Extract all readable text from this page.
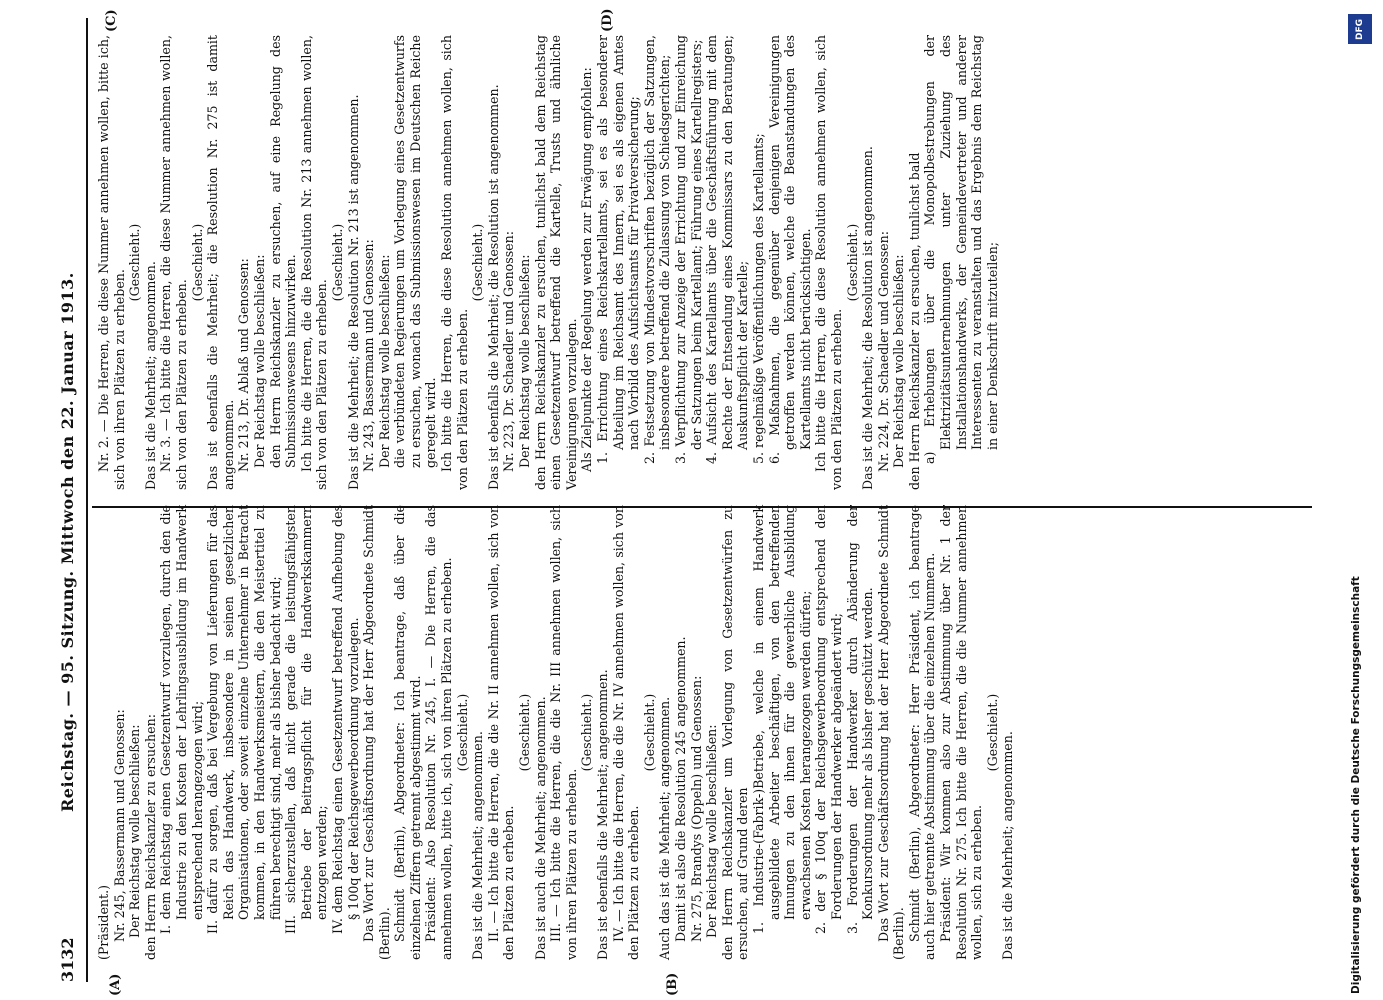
3132
Reichstag. — 95. Sitzung. Mittwoch den 22. Januar 1913.
(A)	(B)
(C)	(D)

(Präsident.) Nr. 245, Bassermann und Genossen: Der Reichstag wolle beschließen: den Herrn Reichskanzler zu ersuchen: I. dem Reichstag einen Gesetzentwurf vorzulegen, durch den die Industrie zu den Kosten der Lehrlingsausbildung im Handwerk entsprechend herangezogen wird; II. dafür zu sorgen, daß bei Vergebung von Lieferungen für das Reich das Handwerk, insbesondere in seinen gesetzlichen Organisationen, oder soweit einzelne Unternehmer in Betracht kommen, in den Handwerksmeistern, die den Meistertitel zu führen berechtigt sind, mehr als bisher bedacht wird; III. sicherzustellen, daß nicht gerade die leistungsfähigsten Betriebe der Beitragspflicht für die Handwerkskammern entzogen werden; IV. dem Reichstag einen Gesetzentwurf betreffend Aufhebung des § 100q der Reichsgewerbeordnung vorzulegen. Das Wort zur Geschäftsordnung hat der Herr Abgeordnete Schmidt (Berlin). Schmidt (Berlin), Abgeordneter: Ich beantrage, daß über die einzelnen Ziffern getrennt abgestimmt wird. Präsident: Also Resolution Nr. 245, I. — Die Herren, die das annehmen wollen, bitte ich, sich von ihren Plätzen zu erheben. (Geschieht.) Das ist die Mehrheit; angenommen. II. — Ich bitte die Herren, die die Nr. II annehmen wollen, sich von den Plätzen zu erheben.

(Geschieht.) Das ist auch die Mehrheit; angenommen. III. — Ich bitte die Herren, die die Nr. III annehmen wollen, sich von ihren Plätzen zu erheben.

(Geschieht.) Das ist ebenfalls die Mehrheit; angenommen. IV. — Ich bitte die Herren, die die Nr. IV annehmen wollen, sich von den Plätzen zu erheben.

(Geschieht.) Auch das ist die Mehrheit; angenommen. Damit ist also die Resolution 245 angenommen. Nr. 275, Brandys (Oppeln) und Genossen: Der Reichstag wolle beschließen: den Herrn Reichskanzler um Vorlegung von Gesetzentwürfen zu ersuchen, auf Grund deren 1. Industrie-(Fabrik-)Betriebe, welche in einem Handwerk ausgebildete Arbeiter beschäftigen, von den betreffenden Innungen zu den ihnen für die gewerbliche Ausbildung erwachsenen Kosten herangezogen werden dürfen; 2. der § 100q der Reichsgewerbeordnung entsprechend den Forderungen der Handwerker abgeändert wird; 3. Forderungen der Handwerker durch Abänderung der Konkursordnung mehr als bisher geschützt werden. Das Wort zur Geschäftsordnung hat der Herr Abgeordnete Schmidt (Berlin). Schmidt (Berlin), Abgeordneter: Herr Präsident, ich beantrage auch hier getrennte Abstimmung über die einzelnen Nummern. Präsident: Wir kommen also zur Abstimmung über Nr. 1 der Resolution Nr. 275. Ich bitte die Herren, die die Nummer annehmen wollen, sich zu erheben.

(Geschieht.) Das ist die Mehrheit; angenommen.

Nr. 2. — Die Herren, die diese Nummer annehmen wollen, bitte ich, sich von ihren Plätzen zu erheben.

(Geschieht.) Das ist die Mehrheit; angenommen. Nr. 3. — Ich bitte die Herren, die diese Nummer annehmen wollen, sich von den Plätzen zu erheben.

(Geschieht.) Das ist ebenfalls die Mehrheit; die Resolution Nr. 275 ist damit angenommen. Nr. 213, Dr. Ablaß und Genossen: Der Reichstag wolle beschließen: den Herrn Reichskanzler zu ersuchen, auf eine Regelung des Submissionswesens hinzuwirken. Ich bitte die Herren, die die Resolution Nr. 213 annehmen wollen, sich von den Plätzen zu erheben.

(Geschieht.) Das ist die Mehrheit; die Resolution Nr. 213 ist angenommen. Nr. 243, Bassermann und Genossen: Der Reichstag wolle beschließen: die verbündeten Regierungen um Vorlegung eines Gesetzentwurfs zu ersuchen, wonach das Submissionswesen im Deutschen Reiche geregelt wird. Ich bitte die Herren, die diese Resolution annehmen wollen, sich von den Plätzen zu erheben.

(Geschieht.) Das ist ebenfalls die Mehrheit; die Resolution ist angenommen. Nr. 223, Dr. Schaedler und Genossen: Der Reichstag wolle beschließen: den Herrn Reichskanzler zu ersuchen, tunlichst bald dem Reichstag einen Gesetzentwurf betreffend die Kartelle, Trusts und ähnliche Vereinigungen vorzulegen. Als Zielpunkte der Regelung werden zur Erwägung empfohlen: 1. Errichtung eines Reichskartellamts, sei es als besonderer Abteilung im Reichsamt des Innern, sei es als eigenen Amtes nach Vorbild des Aufsichtsamts für Privatversicherung; 2. Festsetzung von Mindestvorschriften bezüglich der Satzungen, insbesondere betreffend die Zulassung von Schiedsgerichten; 3. Verpflichtung zur Anzeige der Errichtung und zur Einreichung der Satzungen beim Kartellamt; Führung eines Kartellregisters; 4. Aufsicht des Kartellamts über die Geschäftsführung mit dem Rechte der Entsendung eines Kommissars zu den Beratungen; Auskunftspflicht der Kartelle; 5. regelmäßige Veröffentlichungen des Kartellamts; 6. Maßnahmen, die gegenüber denjenigen Vereinigungen getroffen werden können, welche die Beanstandungen des Kartellamts nicht berücksichtigen. Ich bitte die Herren, die diese Resolution annehmen wollen, sich von den Plätzen zu erheben.

(Geschieht.) Das ist die Mehrheit; die Resolution ist angenommen. Nr. 224, Dr. Schaedler und Genossen: Der Reichstag wolle beschließen: den Herrn Reichskanzler zu ersuchen, tunlichst bald a) Erhebungen über die Monopolbestrebungen der Elektrizitätsunternehmungen unter Zuziehung des Installationshandwerks, der Gemeindevertreter und anderer Interessenten zu veranstalten und das Ergebnis dem Reichstag in einer Denkschrift mitzuteilen;

DFG
Digitalisierung gefördert durch die Deutsche Forschungsgemeinschaft
